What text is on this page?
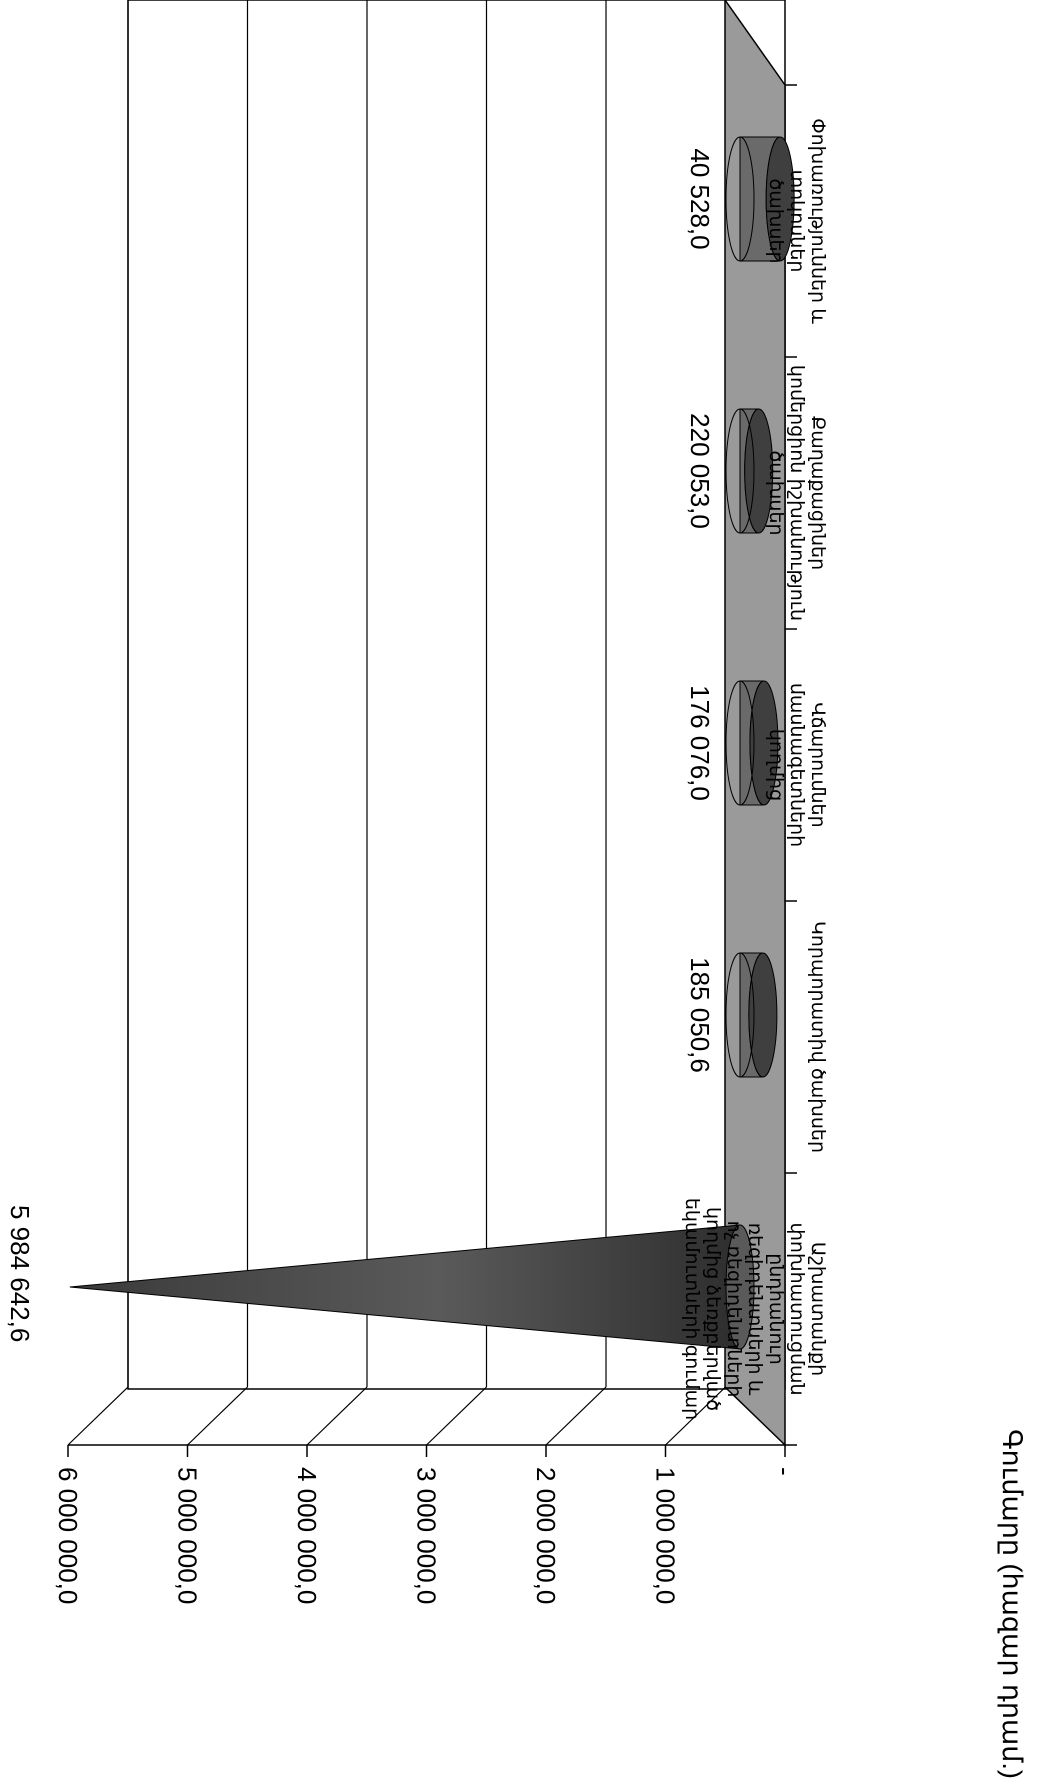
5 984 642,6
185 050,6
176 076,0
220 053,0
40 528,0
-
1 000 000,0
2 000 000,0
3 000 000,0
4 000 000,0
5 000 000,0
6 000 000,0
Աշխատանքիփոխհատուցմանընդհանուրռեզիդենտների ևոչ ռեզիդենտներիկողմից ձեռքբերվածեկամուտների գումար
Կորպորատիվ ծախսեր
Վճարումներմասնագետներիկողմից
Քաղաքացիներկոմերցիոն իշխանությունծախսեր
Փոխառություններ ևտոկոսներծախսեր
Գումարը (հազար դրամ.)
